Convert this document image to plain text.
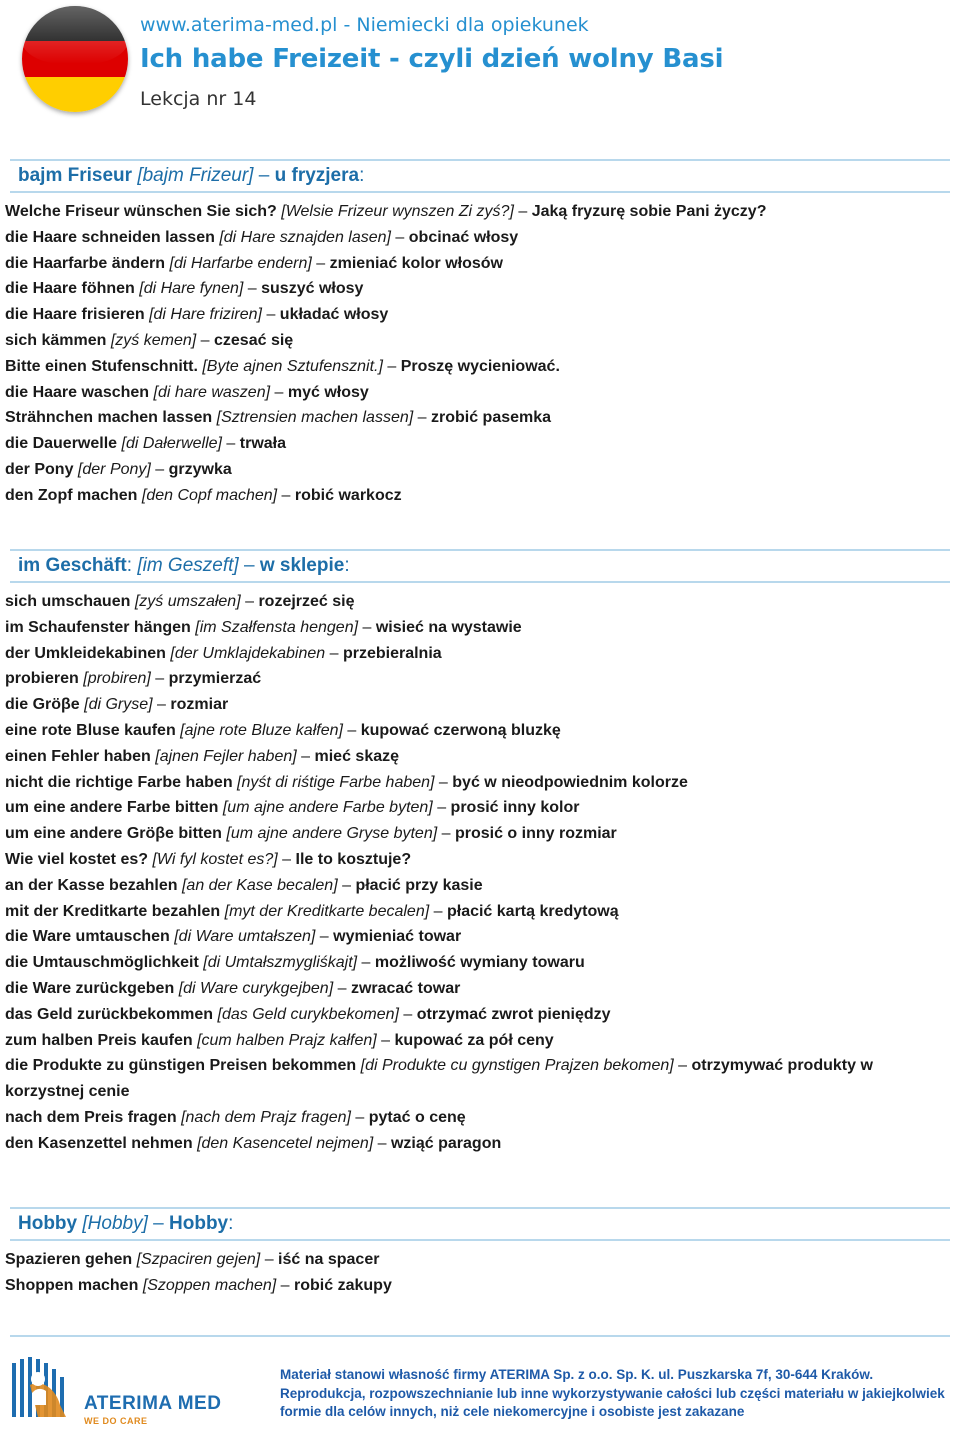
www.aterima-med.pl - Niemiecki dla opiekunek
Ich habe Freizeit - czyli dzień wolny Basi
Lekcja nr 14
bajm Friseur [bajm Frizeur] – u fryzjera:
Welche Friseur wünschen Sie sich? [Welsie Frizeur wynszen Zi zyś?] – Jaką fryzurę sobie Pani życzy?
die Haare schneiden lassen [di Hare sznajden lasen] – obcinać włosy
die Haarfarbe ändern [di Harfarbe endern] – zmieniać kolor włosów
die Haare föhnen [di Hare fynen] – suszyć włosy
die Haare frisieren [di Hare friziren] – układać włosy
sich kämmen [zyś kemen] – czesać się
Bitte einen Stufenschnitt. [Byte ajnen Sztufensznit.] – Proszę wycieniować.
die Haare waschen [di hare waszen] – myć włosy
Strähnchen machen lassen [Sztrensien machen lassen] – zrobić pasemka
die Dauerwelle [di Dałerwelle] – trwała
der Pony [der Pony] – grzywka
den Zopf machen [den Copf machen] – robić warkocz
im Geschäft: [im Geszeft] – w sklepie:
sich umschauen [zyś umszałen] – rozejrzeć się
im Schaufenster hängen [im Szałfensta hengen] – wisieć na wystawie
der Umkleidekabinen [der Umklajdekabinen – przebieralnia
probieren [probiren] – przymierzać
die Gröβe [di Gryse] – rozmiar
eine rote Bluse kaufen [ajne rote Bluze kałfen] – kupować czerwoną bluzkę
einen Fehler haben [ajnen Fejler haben] – mieć skazę
nicht die richtige Farbe haben [nyśt di riśtige Farbe haben] – być w nieodpowiednim kolorze
um eine andere Farbe bitten [um ajne andere Farbe byten] – prosić inny kolor
um eine andere Gröβe bitten [um ajne andere Gryse byten] – prosić o inny rozmiar
Wie viel kostet es? [Wi fyl kostet es?] – Ile to kosztuje?
an der Kasse bezahlen [an der Kase becalen] – płacić przy kasie
mit der Kreditkarte bezahlen [myt der Kreditkarte becalen] – płacić kartą kredytową
die Ware umtauschen [di Ware umtałszen] – wymieniać towar
die Umtauschmöglichkeit [di Umtałszmygliśkajt] – możliwość wymiany towaru
die Ware zurückgeben [di Ware curykgejben] – zwracać towar
das Geld zurückbekommen [das Geld curykbekomen] – otrzymać zwrot pieniędzy
zum halben Preis kaufen [cum halben Prajz kałfen] – kupować za pół ceny
die Produkte zu günstigen Preisen bekommen [di Produkte cu gynstigen Prajzen bekomen] – otrzymywać produkty w korzystnej cenie
nach dem Preis fragen [nach dem Prajz fragen] – pytać o cenę
den Kasenzettel nehmen [den Kasencetel nejmen] – wziąć paragon
Hobby [Hobby] – Hobby:
Spazieren gehen [Szpaciren gejen] – iść na spacer
Shoppen machen [Szoppen machen] – robić zakupy
ATERIMA MED
WE DO CARE
Materiał stanowi własność firmy ATERIMA Sp. z o.o. Sp. K. ul. Puszkarska 7f, 30-644 Kraków.
Reprodukcja, rozpowszechnianie lub inne wykorzystywanie całości lub części materiału w jakiejkolwiek
formie dla celów innych, niż cele niekomercyjne i osobiste jest zakazane
